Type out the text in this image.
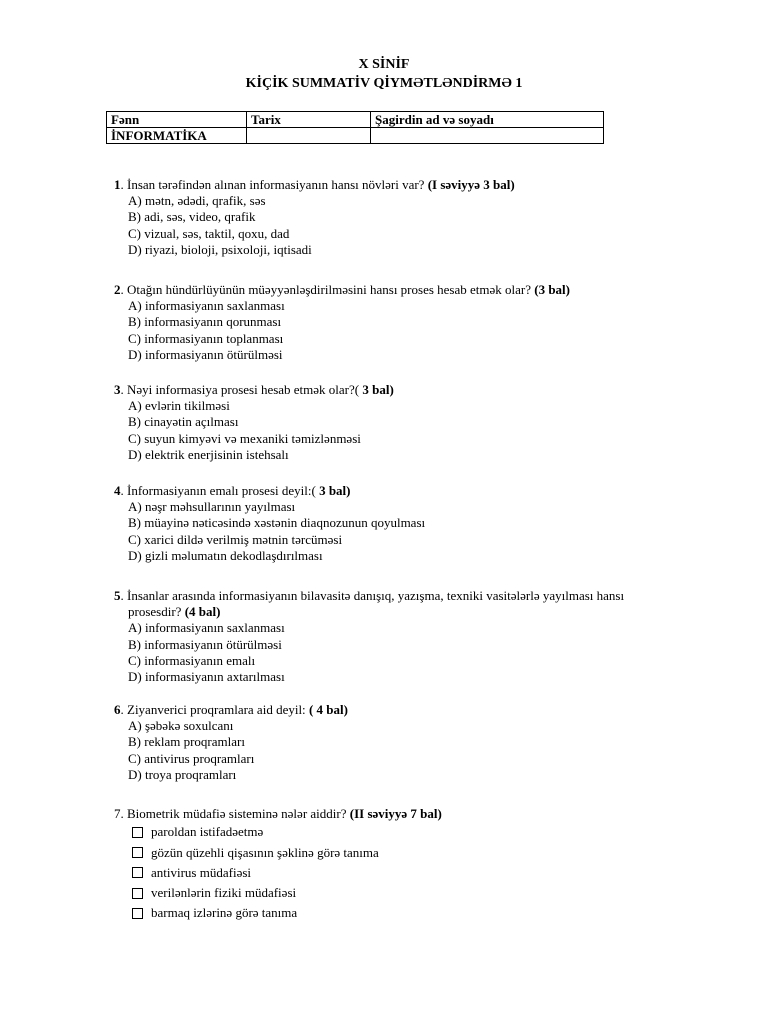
X SİNİF
KİÇİK SUMMATİV QİYMƏTLƏNDİRMƏ 1
Fənn	Tarix	Şagirdin ad və soyadı
İNFORMATİKA		
1. İnsan tərəfindən alınan informasiyanın hansı növləri var? (I səviyyə 3 bal)
A) mətn, ədədi, qrafik, səs
B) adi, səs, video, qrafik
C) vizual, səs, taktil, qoxu, dad
D) riyazi, bioloji, psixoloji, iqtisadi
2. Otağın hündürlüyünün müəyyənləşdirilməsini hansı proses hesab etmək olar? (3 bal)
A) informasiyanın saxlanması
B) informasiyanın qorunması
C) informasiyanın toplanması
D) informasiyanın ötürülməsi
3. Nəyi informasiya prosesi hesab etmək olar?( 3 bal)
A) evlərin tikilməsi
B) cinayətin açılması
C) suyun kimyəvi və mexaniki təmizlənməsi
D) elektrik enerjisinin istehsalı
4. İnformasiyanın emalı prosesi deyil:( 3 bal)
A) nəşr məhsullarının yayılması
B) müayinə nəticəsində xəstənin diaqnozunun qoyulması
C) xarici dildə verilmiş mətnin tərcüməsi
D) gizli məlumatın dekodlaşdırılması
5. İnsanlar arasında informasiyanın bilavasitə danışıq, yazışma, texniki vasitələrlə yayılması hansı
prosesdir? (4 bal)
A) informasiyanın saxlanması
B) informasiyanın ötürülməsi
C) informasiyanın emalı
D) informasiyanın axtarılması
6. Ziyanverici proqramlara aid deyil: ( 4 bal)
A) şəbəkə soxulcanı
B) reklam proqramları
C) antivirus proqramları
D) troya proqramları
7. Biometrik müdafiə sisteminə nələr aiddir? (II səviyyə 7 bal)
paroldan istifadəetmə
gözün qüzehli qişasının şəklinə görə tanıma
antivirus müdafiəsi
verilənlərin fiziki müdafiəsi
barmaq izlərinə görə tanıma
